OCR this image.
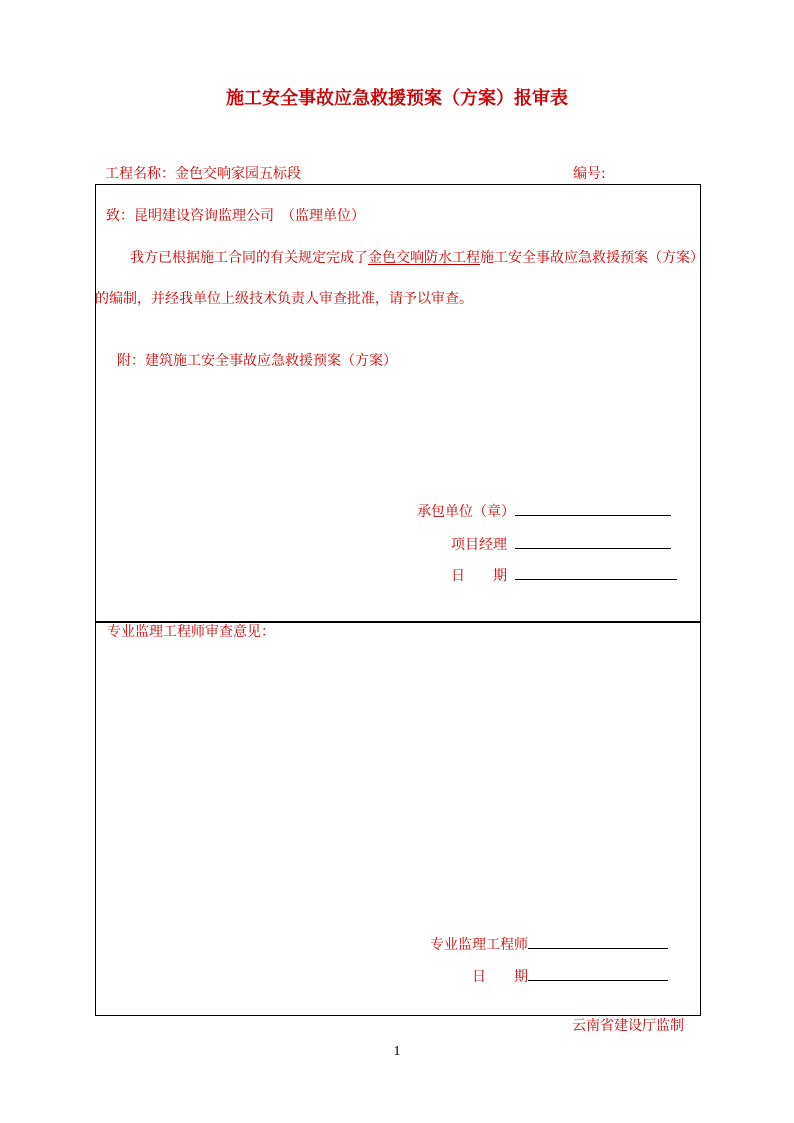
施工安全事故应急救援预案（方案）报审表
工程名称：金色交响家园五标段	编号:
致：昆明建设咨询监理公司　（监理单位）
我方已根据施工合同的有关规定完成了金色交响防水工程施工安全事故应急救援预案（方案）
的编制，并经我单位上级技术负责人审查批准，请予以审查。
附：建筑施工安全事故应急救援预案（方案）
承包单位（章）
项目经理
日　　期
专业监理工程师审查意见：
专业监理工程师
日　　期
云南省建设厅监制
1
